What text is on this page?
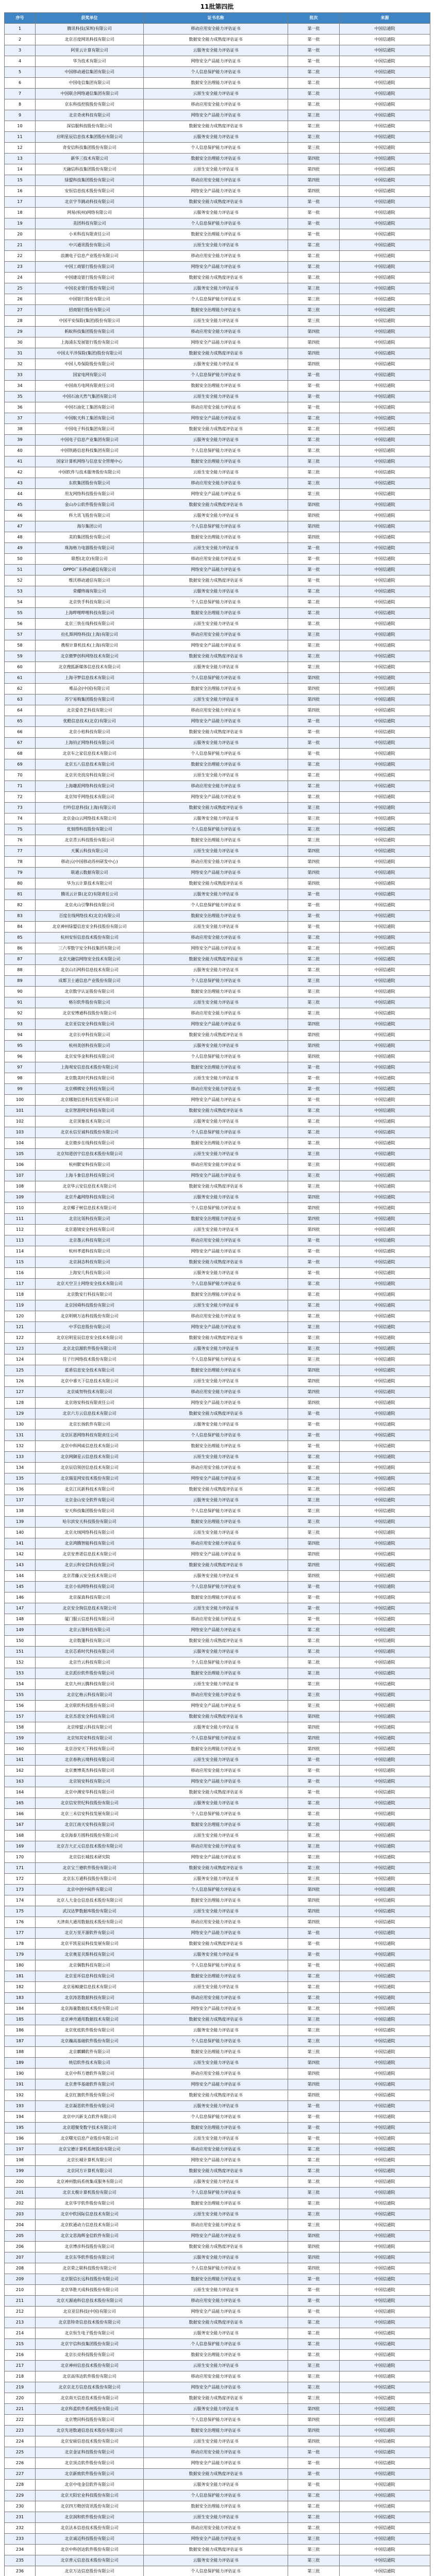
11批第四批
序号	获奖单位	证书名称	批次	来源
1	腾讯科技(深圳)有限公司	移动应用安全能力评估证书	第一批	中国信通院
2	北京百度网讯科技有限公司	数据安全能力成熟度评估证书	第一批	中国信通院
3	阿里云计算有限公司	云服务安全能力评估证书	第一批	中国信通院
4	华为技术有限公司	网络安全产品能力评估证书	第一批	中国信通院
5	中国移动通信集团有限公司	个人信息保护能力评估证书	第二批	中国信通院
6	中国电信集团有限公司	数据安全治理能力评估证书	第二批	中国信通院
7	中国联合网络通信集团有限公司	云原生安全能力评估证书	第二批	中国信通院
8	京东科技控股股份有限公司	移动应用安全能力评估证书	第二批	中国信通院
9	北京奇虎科技有限公司	网络安全产品能力评估证书	第三批	中国信通院
10	深信服科技股份有限公司	数据安全能力成熟度评估证书	第三批	中国信通院
11	启明星辰信息技术集团股份有限公司	云服务安全能力评估证书	第三批	中国信通院
12	奇安信科技集团股份有限公司	个人信息保护能力评估证书	第三批	中国信通院
13	新华三技术有限公司	数据安全治理能力评估证书	第四批	中国信通院
14	天融信科技集团股份有限公司	云原生安全能力评估证书	第四批	中国信通院
15	绿盟科技集团股份有限公司	移动应用安全能力评估证书	第四批	中国信通院
16	安恒信息技术股份有限公司	网络安全产品能力评估证书	第四批	中国信通院
17	北京字节跳动科技有限公司	数据安全能力成熟度评估证书	第一批	中国信通院
18	网易(杭州)网络有限公司	云服务安全能力评估证书	第一批	中国信通院
19	美团科技有限公司	个人信息保护能力评估证书	第一批	中国信通院
20	小米科技有限责任公司	数据安全治理能力评估证书	第一批	中国信通院
21	中兴通讯股份有限公司	云原生安全能力评估证书	第二批	中国信通院
22	浪潮电子信息产业股份有限公司	移动应用安全能力评估证书	第二批	中国信通院
23	中国工商银行股份有限公司	网络安全产品能力评估证书	第二批	中国信通院
24	中国建设银行股份有限公司	数据安全能力成熟度评估证书	第二批	中国信通院
25	中国农业银行股份有限公司	云服务安全能力评估证书	第三批	中国信通院
26	中国银行股份有限公司	个人信息保护能力评估证书	第三批	中国信通院
27	招商银行股份有限公司	数据安全治理能力评估证书	第三批	中国信通院
28	中国平安保险(集团)股份有限公司	云原生安全能力评估证书	第三批	中国信通院
29	蚂蚁科技集团股份有限公司	移动应用安全能力评估证书	第四批	中国信通院
30	上海浦东发展银行股份有限公司	网络安全产品能力评估证书	第四批	中国信通院
31	中国太平洋保险(集团)股份有限公司	数据安全能力成熟度评估证书	第四批	中国信通院
32	中国人寿保险股份有限公司	云服务安全能力评估证书	第四批	中国信通院
33	国家电网有限公司	个人信息保护能力评估证书	第一批	中国信通院
34	中国南方电网有限责任公司	数据安全治理能力评估证书	第一批	中国信通院
35	中国石油天然气集团有限公司	云原生安全能力评估证书	第一批	中国信通院
36	中国石油化工集团有限公司	移动应用安全能力评估证书	第一批	中国信通院
37	中国航天科工集团有限公司	网络安全产品能力评估证书	第二批	中国信通院
38	中国电子科技集团有限公司	数据安全能力成熟度评估证书	第二批	中国信通院
39	中国电子信息产业集团有限公司	云服务安全能力评估证书	第二批	中国信通院
40	中国铁路信息科技集团有限公司	个人信息保护能力评估证书	第二批	中国信通院
41	国家计算机网络与信息安全管理中心	数据安全治理能力评估证书	第三批	中国信通院
42	中国软件与技术服务股份有限公司	云原生安全能力评估证书	第三批	中国信通院
43	东软集团股份有限公司	移动应用安全能力评估证书	第三批	中国信通院
44	用友网络科技股份有限公司	网络安全产品能力评估证书	第三批	中国信通院
45	金山办公软件股份有限公司	数据安全能力成熟度评估证书	第四批	中国信通院
46	科大讯飞股份有限公司	云服务安全能力评估证书	第四批	中国信通院
47	海尔集团公司	个人信息保护能力评估证书	第四批	中国信通院
48	美的集团股份有限公司	数据安全治理能力评估证书	第四批	中国信通院
49	珠海格力电器股份有限公司	云原生安全能力评估证书	第一批	中国信通院
50	联想(北京)有限公司	移动应用安全能力评估证书	第一批	中国信通院
51	OPPO广东移动通信有限公司	网络安全产品能力评估证书	第一批	中国信通院
52	维沃移动通信有限公司	数据安全能力成熟度评估证书	第一批	中国信通院
53	荣耀终端有限公司	云服务安全能力评估证书	第二批	中国信通院
54	北京快手科技有限公司	个人信息保护能力评估证书	第二批	中国信通院
55	上海哔哩哔哩科技有限公司	数据安全治理能力评估证书	第二批	中国信通院
56	北京三快在线科技有限公司	云原生安全能力评估证书	第二批	中国信通院
57	拉扎斯网络科技(上海)有限公司	移动应用安全能力评估证书	第三批	中国信通院
58	携程计算机技术(上海)有限公司	网络安全产品能力评估证书	第三批	中国信通院
59	北京微梦创科网络技术有限公司	数据安全能力成熟度评估证书	第三批	中国信通院
60	北京搜狐新媒体信息技术有限公司	云服务安全能力评估证书	第三批	中国信通院
61	上海寻梦信息技术有限公司	个人信息保护能力评估证书	第四批	中国信通院
62	唯品会(中国)有限公司	数据安全治理能力评估证书	第四批	中国信通院
63	苏宁易购集团股份有限公司	云原生安全能力评估证书	第四批	中国信通院
64	北京爱奇艺科技有限公司	移动应用安全能力评估证书	第四批	中国信通院
65	优酷信息技术(北京)有限公司	网络安全产品能力评估证书	第一批	中国信通院
66	北京小桔科技有限公司	数据安全能力成熟度评估证书	第一批	中国信通院
67	上海钧正网络科技有限公司	云服务安全能力评估证书	第一批	中国信通院
68	北京车之家信息技术有限公司	个人信息保护能力评估证书	第一批	中国信通院
69	北京五八信息技术有限公司	数据安全治理能力评估证书	第二批	中国信通院
70	北京贝壳找房科技有限公司	云原生安全能力评估证书	第二批	中国信通院
71	上海趣派网络科技有限公司	移动应用安全能力评估证书	第二批	中国信通院
72	北京知乎网络技术有限公司	网络安全产品能力评估证书	第二批	中国信通院
73	行吟信息科技(上海)有限公司	数据安全能力成熟度评估证书	第三批	中国信通院
74	北京金山云网络技术有限公司	云服务安全能力评估证书	第三批	中国信通院
75	优刻得科技股份有限公司	个人信息保护能力评估证书	第三批	中国信通院
76	北京青云科技股份有限公司	数据安全治理能力评估证书	第三批	中国信通院
77	天翼云科技有限公司	云原生安全能力评估证书	第四批	中国信通院
78	移动云(中国移动苏州研发中心)	移动应用安全能力评估证书	第四批	中国信通院
79	联通云数据有限公司	网络安全产品能力评估证书	第四批	中国信通院
80	华为云计算技术有限公司	数据安全能力成熟度评估证书	第四批	中国信通院
81	腾讯云计算(北京)有限责任公司	云服务安全能力评估证书	第一批	中国信通院
82	北京火山引擎科技有限公司	个人信息保护能力评估证书	第一批	中国信通院
83	百度在线网络技术(北京)有限公司	数据安全治理能力评估证书	第一批	中国信通院
84	北京神州绿盟信息安全科技股份有限公司	云原生安全能力评估证书	第一批	中国信通院
85	杭州安恒信息技术股份有限公司	移动应用安全能力评估证书	第二批	中国信通院
86	三六零数字安全科技集团有限公司	网络安全产品能力评估证书	第二批	中国信通院
87	北京天融信网络安全技术有限公司	数据安全能力成熟度评估证书	第二批	中国信通院
88	北京山石网科信息技术有限公司	云服务安全能力评估证书	第二批	中国信通院
89	成都卫士通信息产业股份有限公司	个人信息保护能力评估证书	第三批	中国信通院
90	北京数字认证股份有限公司	数据安全治理能力评估证书	第三批	中国信通院
91	格尔软件股份有限公司	云原生安全能力评估证书	第三批	中国信通院
92	北京安博通科技股份有限公司	移动应用安全能力评估证书	第三批	中国信通院
93	北京亚信安全科技有限公司	网络安全产品能力评估证书	第四批	中国信通院
94	北京长亭科技有限公司	数据安全能力成熟度评估证书	第四批	中国信通院
95	杭州美创科技有限公司	云服务安全能力评估证书	第四批	中国信通院
96	北京安华金和科技有限公司	个人信息保护能力评估证书	第四批	中国信通院
97	上海观安信息技术股份有限公司	数据安全治理能力评估证书	第一批	中国信通院
98	北京数美时代科技有限公司	云原生安全能力评估证书	第一批	中国信通院
99	北京梆梆安全科技有限公司	移动应用安全能力评估证书	第一批	中国信通院
100	北京娜迦信息科技发展有限公司	网络安全产品能力评估证书	第一批	中国信通院
101	北京智游网安科技有限公司	数据安全能力成熟度评估证书	第二批	中国信通院
102	北京顶象技术有限公司	云服务安全能力评估证书	第二批	中国信通院
103	北京永信至诚科技股份有限公司	个人信息保护能力评估证书	第二批	中国信通院
104	北京微步在线科技有限公司	数据安全治理能力评估证书	第二批	中国信通院
105	北京知道创宇信息技术股份有限公司	云原生安全能力评估证书	第三批	中国信通院
106	杭州默安科技有限公司	移动应用安全能力评估证书	第三批	中国信通院
107	上海斗象信息科技有限公司	网络安全产品能力评估证书	第三批	中国信通院
108	北京华云安信息技术有限公司	数据安全能力成熟度评估证书	第三批	中国信通院
109	北京升鑫网络科技有限公司	云服务安全能力评估证书	第四批	中国信通院
110	北京椰子树信息技术有限公司	个人信息保护能力评估证书	第四批	中国信通院
111	北京比瓴科技有限公司	数据安全治理能力评估证书	第四批	中国信通院
112	北京悬镜安全科技有限公司	云原生安全能力评估证书	第四批	中国信通院
113	北京墨云科技有限公司	移动应用安全能力评估证书	第一批	中国信通院
114	杭州孝道科技有限公司	网络安全产品能力评估证书	第一批	中国信通院
115	北京洞态科技有限公司	数据安全能力成熟度评估证书	第一批	中国信通院
116	上海安几科技有限公司	云服务安全能力评估证书	第一批	中国信通院
117	北京天空卫士网络安全技术有限公司	个人信息保护能力评估证书	第二批	中国信通院
118	北京数安行科技有限公司	数据安全治理能力评估证书	第二批	中国信通院
119	北京国舜科技股份有限公司	云原生安全能力评估证书	第二批	中国信通院
120	北京明朝万达科技股份有限公司	移动应用安全能力评估证书	第二批	中国信通院
121	中孚信息股份有限公司	网络安全产品能力评估证书	第三批	中国信通院
122	北京启明星辰信息安全技术有限公司	数据安全能力成熟度评估证书	第三批	中国信通院
123	北京北信源软件股份有限公司	云服务安全能力评估证书	第三批	中国信通院
124	任子行网络技术股份有限公司	个人信息保护能力评估证书	第三批	中国信通院
125	蓝盾信息安全技术有限公司	数据安全治理能力评估证书	第四批	中国信通院
126	北京中睿天下信息技术有限公司	云原生安全能力评估证书	第四批	中国信通院
127	北京威努特技术有限公司	移动应用安全能力评估证书	第四批	中国信通院
128	北京珞安科技有限责任公司	网络安全产品能力评估证书	第四批	中国信通院
129	北京六方云信息技术有限公司	数据安全能力成熟度评估证书	第一批	中国信通院
130	北京长扬软件有限公司	云服务安全能力评估证书	第一批	中国信通院
131	北京匡恩网络科技有限责任公司	个人信息保护能力评估证书	第一批	中国信通院
132	北京中科网威信息技术有限公司	数据安全治理能力评估证书	第一批	中国信通院
133	北京网御星云信息技术有限公司	云原生安全能力评估证书	第二批	中国信通院
134	北京辰信领创信息技术有限公司	移动应用安全能力评估证书	第二批	中国信通院
135	北京瑞星网安技术股份有限公司	网络安全产品能力评估证书	第二批	中国信通院
136	北京江民新科技术有限公司	数据安全能力成熟度评估证书	第二批	中国信通院
137	北京金山安全软件有限公司	云服务安全能力评估证书	第三批	中国信通院
138	安天科技集团股份有限公司	个人信息保护能力评估证书	第三批	中国信通院
139	哈尔滨安天科技股份有限公司	数据安全治理能力评估证书	第三批	中国信通院
140	北京火绒网络科技有限公司	云原生安全能力评估证书	第三批	中国信通院
141	北京鸿腾智能科技有限公司	移动应用安全能力评估证书	第四批	中国信通院
142	北京安普诺信息技术有限公司	网络安全产品能力评估证书	第四批	中国信通院
143	北京云科安信科技有限公司	数据安全能力成熟度评估证书	第四批	中国信通院
144	北京青藤云安全技术有限公司	云服务安全能力评估证书	第四批	中国信通院
145	北京小佑网络科技有限公司	个人信息保护能力评估证书	第一批	中国信通院
146	北京探真科技有限公司	数据安全治理能力评估证书	第一批	中国信通院
147	北京安全狗信息技术有限公司	云原生安全能力评估证书	第一批	中国信通院
148	厦门服云信息科技有限公司	移动应用安全能力评估证书	第一批	中国信通院
149	北京云鉴科技有限公司	网络安全产品能力评估证书	第二批	中国信通院
150	北京数篷科技有限公司	数据安全能力成熟度评估证书	第二批	中国信通院
151	北京芯盾时代科技有限公司	云服务安全能力评估证书	第二批	中国信通院
152	北京竹云科技有限公司	个人信息保护能力评估证书	第二批	中国信通院
153	北京派拉软件股份有限公司	数据安全治理能力评估证书	第三批	中国信通院
154	北京九州云腾科技有限公司	云原生安全能力评估证书	第三批	中国信通院
155	北京亿格云科技有限公司	移动应用安全能力评估证书	第三批	中国信通院
156	北京联软科技股份有限公司	网络安全产品能力评估证书	第三批	中国信通院
157	北京杰思安全科技有限公司	数据安全能力成熟度评估证书	第四批	中国信通院
158	北京缔盟云科技有限公司	云服务安全能力评估证书	第四批	中国信通院
159	北京知其安科技有限公司	个人信息保护能力评估证书	第四批	中国信通院
160	北京谷安天下科技有限公司	数据安全治理能力评估证书	第四批	中国信通院
161	北京春秋云境科技有限公司	云原生安全能力评估证书	第一批	中国信通院
162	北京赛博英杰科技有限公司	移动应用安全能力评估证书	第一批	中国信通院
163	北京锐安科技有限公司	网络安全产品能力评估证书	第一批	中国信通院
164	北京中测安华科技有限公司	数据安全能力成熟度评估证书	第一批	中国信通院
165	北京信安世纪科技股份有限公司	云服务安全能力评估证书	第二批	中国信通院
166	北京三未信安科技发展有限公司	个人信息保护能力评估证书	第二批	中国信通院
167	北京江南天安科技有限公司	数据安全治理能力评估证书	第二批	中国信通院
168	北京海泰方圆科技股份有限公司	云原生安全能力评估证书	第二批	中国信通院
169	北京吉大正元信息技术股份有限公司	移动应用安全能力评估证书	第三批	中国信通院
170	北京信长城技术研究院	网络安全产品能力评估证书	第三批	中国信通院
171	北京宝兰德软件股份有限公司	数据安全能力成熟度评估证书	第三批	中国信通院
172	北京东方通科技股份有限公司	云服务安全能力评估证书	第三批	中国信通院
173	北京中创中间件有限公司	个人信息保护能力评估证书	第四批	中国信通院
174	北京人大金仓信息技术股份有限公司	数据安全治理能力评估证书	第四批	中国信通院
175	武汉达梦数据库股份有限公司	云原生安全能力评估证书	第四批	中国信通院
176	天津南大通用数据技术股份有限公司	移动应用安全能力评估证书	第四批	中国信通院
177	北京万里开源软件有限公司	网络安全产品能力评估证书	第一批	中国信通院
178	北京平凯星辰科技发展有限公司	数据安全能力成熟度评估证书	第一批	中国信通院
179	北京奥星贝斯科技有限公司	云服务安全能力评估证书	第一批	中国信通院
180	北京偶数科技有限公司	个人信息保护能力评估证书	第一批	中国信通院
181	北京星环信息科技有限公司	数据安全治理能力评估证书	第二批	中国信通院
182	北京易鲸捷信息技术有限公司	云原生安全能力评估证书	第二批	中国信通院
183	北京涛思数据科技有限公司	移动应用安全能力评估证书	第二批	中国信通院
184	北京海量数据技术股份有限公司	网络安全产品能力评估证书	第二批	中国信通院
185	北京神舟通用数据技术有限公司	数据安全能力成熟度评估证书	第三批	中国信通院
186	北京优炫软件股份有限公司	云服务安全能力评估证书	第三批	中国信通院
187	北京瀚高基础软件股份有限公司	个人信息保护能力评估证书	第三批	中国信通院
188	北京麒麟软件有限公司	数据安全治理能力评估证书	第三批	中国信通院
189	统信软件技术有限公司	云原生安全能力评估证书	第四批	中国信通院
190	北京中科方德软件有限公司	移动应用安全能力评估证书	第四批	中国信通院
191	北京普华基础软件有限公司	网络安全产品能力评估证书	第四批	中国信通院
192	北京红旗软件股份有限公司	数据安全能力成熟度评估证书	第四批	中国信通院
193	北京凝思软件股份有限公司	云服务安全能力评估证书	第一批	中国信通院
194	北京中兴新支点软件有限公司	个人信息保护能力评估证书	第一批	中国信通院
195	北京超聚变数字技术有限公司	数据安全治理能力评估证书	第一批	中国信通院
196	北京曙光信息产业股份有限公司	云原生安全能力评估证书	第一批	中国信通院
197	北京宝德计算机系统股份有限公司	移动应用安全能力评估证书	第二批	中国信通院
198	北京长城计算机有限公司	网络安全产品能力评估证书	第二批	中国信通院
199	北京同方计算机有限公司	数据安全能力成熟度评估证书	第二批	中国信通院
200	北京神州数码系统集成服务有限公司	云服务安全能力评估证书	第二批	中国信通院
201	北京太极计算机股份有限公司	个人信息保护能力评估证书	第三批	中国信通院
202	北京华宇软件股份有限公司	数据安全治理能力评估证书	第三批	中国信通院
203	北京中软国际信息技术有限公司	云原生安全能力评估证书	第三批	中国信通院
204	北京软通动力信息技术有限公司	移动应用安全能力评估证书	第三批	中国信通院
205	北京文思海辉金信软件有限公司	网络安全产品能力评估证书	第四批	中国信通院
206	北京博彦科技股份有限公司	数据安全能力成熟度评估证书	第四批	中国信通院
207	北京东华软件股份有限公司	云服务安全能力评估证书	第四批	中国信通院
208	北京荣之联科技股份有限公司	个人信息保护能力评估证书	第四批	中国信通院
209	北京银信长远科技股份有限公司	数据安全治理能力评估证书	第一批	中国信通院
210	北京华胜天成科技股份有限公司	云原生安全能力评估证书	第一批	中国信通院
211	北京天源迪科信息技术股份有限公司	移动应用安全能力评估证书	第一批	中国信通院
212	北京亚信科技(中国)有限公司	网络安全产品能力评估证书	第一批	中国信通院
213	北京思特奇信息技术股份有限公司	数据安全能力成熟度评估证书	第二批	中国信通院
214	北京恒生电子股份有限公司	云服务安全能力评估证书	第二批	中国信通院
215	北京宇信科技集团股份有限公司	个人信息保护能力评估证书	第二批	中国信通院
216	北京长亮科技股份有限公司	数据安全治理能力评估证书	第二批	中国信通院
217	北京神州信息技术股份有限公司	云原生安全能力评估证书	第三批	中国信通院
218	北京高伟达软件股份有限公司	移动应用安全能力评估证书	第三批	中国信通院
219	北京京北方信息技术股份有限公司	网络安全产品能力评估证书	第三批	中国信通院
220	北京南天信息技术股份有限公司	数据安全能力成熟度评估证书	第三批	中国信通院
221	北京科蓝软件系统股份有限公司	云服务安全能力评估证书	第四批	中国信通院
222	北京赞同科技股份有限公司	个人信息保护能力评估证书	第四批	中国信通院
223	北京先进数通信息技术股份有限公司	数据安全治理能力评估证书	第四批	中国信通院
224	北京安硕信息技术股份有限公司	云原生安全能力评估证书	第四批	中国信通院
225	北京金证科技股份有限公司	移动应用安全能力评估证书	第一批	中国信通院
226	北京顶点软件股份有限公司	网络安全产品能力评估证书	第一批	中国信通院
227	北京新致软件股份有限公司	数据安全能力成熟度评估证书	第一批	中国信通院
228	北京中电金信软件有限公司	云服务安全能力评估证书	第一批	中国信通院
229	北京天阳宏业科技股份有限公司	个人信息保护能力评估证书	第二批	中国信通院
230	北京四方精创资讯股份有限公司	数据安全治理能力评估证书	第二批	中国信通院
231	北京润和软件股份有限公司	云原生安全能力评估证书	第二批	中国信通院
232	北京法本信息技术股份有限公司	移动应用安全能力评估证书	第二批	中国信通院
233	北京诚迈科技股份有限公司	网络安全产品能力评估证书	第三批	中国信通院
234	北京中科创达软件股份有限公司	数据安全能力成熟度评估证书	第三批	中国信通院
235	北京普元信息技术股份有限公司	云服务安全能力评估证书	第三批	中国信通院
236	北京万达信息股份有限公司	个人信息保护能力评估证书	第三批	中国信通院
